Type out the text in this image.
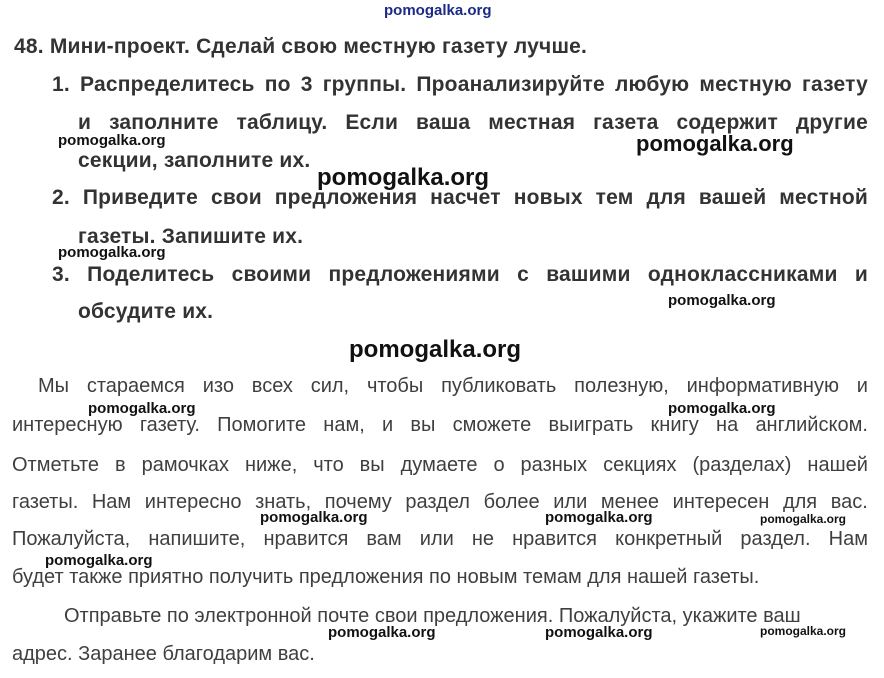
pomogalka.org
48. Мини-проект. Сделай свою местную газету лучше.
1. Распределитесь по 3 группы. Проанализируйте любую местную газету
и заполните таблицу. Если ваша местная газета содержит другие
секции, заполните их.
2. Приведите свои предложения насчет новых тем для вашей местной
газеты. Запишите их.
3. Поделитесь своими предложениями с вашими одноклассниками и
обсудите их.
Мы стараемся изо всех сил, чтобы публиковать полезную, информативную и
интересную газету. Помогите нам, и вы сможете выиграть книгу на английском.
Отметьте в рамочках ниже, что вы думаете о разных секциях (разделах) нашей
газеты. Нам интересно знать, почему раздел более или менее интересен для вас.
Пожалуйста, напишите, нравится вам или не нравится конкретный раздел. Нам
будет также приятно получить предложения по новым темам для нашей газеты.
Отправьте по электронной почте свои предложения. Пожалуйста, укажите ваш
адрес. Заранее благодарим вас.
pomogalka.org	pomogalka.org
pomogalka.org
pomogalka.org
pomogalka.org
pomogalka.org
pomogalka.org	pomogalka.org
pomogalka.org	pomogalka.org	pomogalka.org
pomogalka.org
pomogalka.org	pomogalka.org	pomogalka.org
